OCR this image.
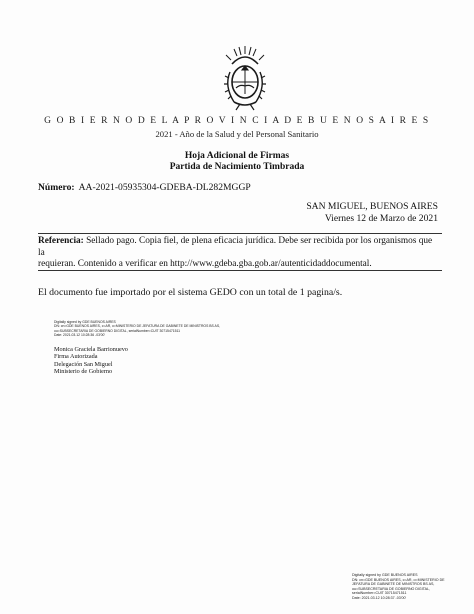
G O B I E R N O D E L A P R O V I N C I A D E B U E N O S A I R E S
2021 - Año de la Salud y del Personal Sanitario
Hoja Adicional de Firmas
Partida de Nacimiento Timbrada
Número: AA-2021-05935304-GDEBA-DL282MGGP
SAN MIGUEL, BUENOS AIRES
Viernes 12 de Marzo de 2021
Referencia: Sellado pago. Copia fiel, de plena eficacia jurídica. Debe ser recibida por los organismos que
la
requieran. Contenido a verificar en http://www.gdeba.gba.gob.ar/autenticidaddocumental.
El documento fue importado por el sistema GEDO con un total de 1 pagina/s.
Digitally signed by GDE BUENOS AIRES
DN: cn=GDE BUENOS AIRES, c=AR, o=MINISTERIO DE JEFATURA DE GABINETE DE MINISTROS BS AS,
ou=SUBSECRETARIA DE GOBIERNO DIGITAL, serialNumber=CUIT 30715471511
Date: 2021.03.12 10:28:36 -03'00'
Monica Graciela Barrionuevo
Firma Autorizada
Delegación San Miguel
Ministerio de Gobierno
Digitally signed by GDE BUENOS AIRES
DN: cn=GDE BUENOS AIRES, c=AR, o=MINISTERIO DE
JEFATURA DE GABINETE DE MINISTROS BS AS,
ou=SUBSECRETARIA DE GOBIERNO DIGITAL,
serialNumber=CUIT 30715471511
Date: 2021.03.12 10:28:37 -03'00'
